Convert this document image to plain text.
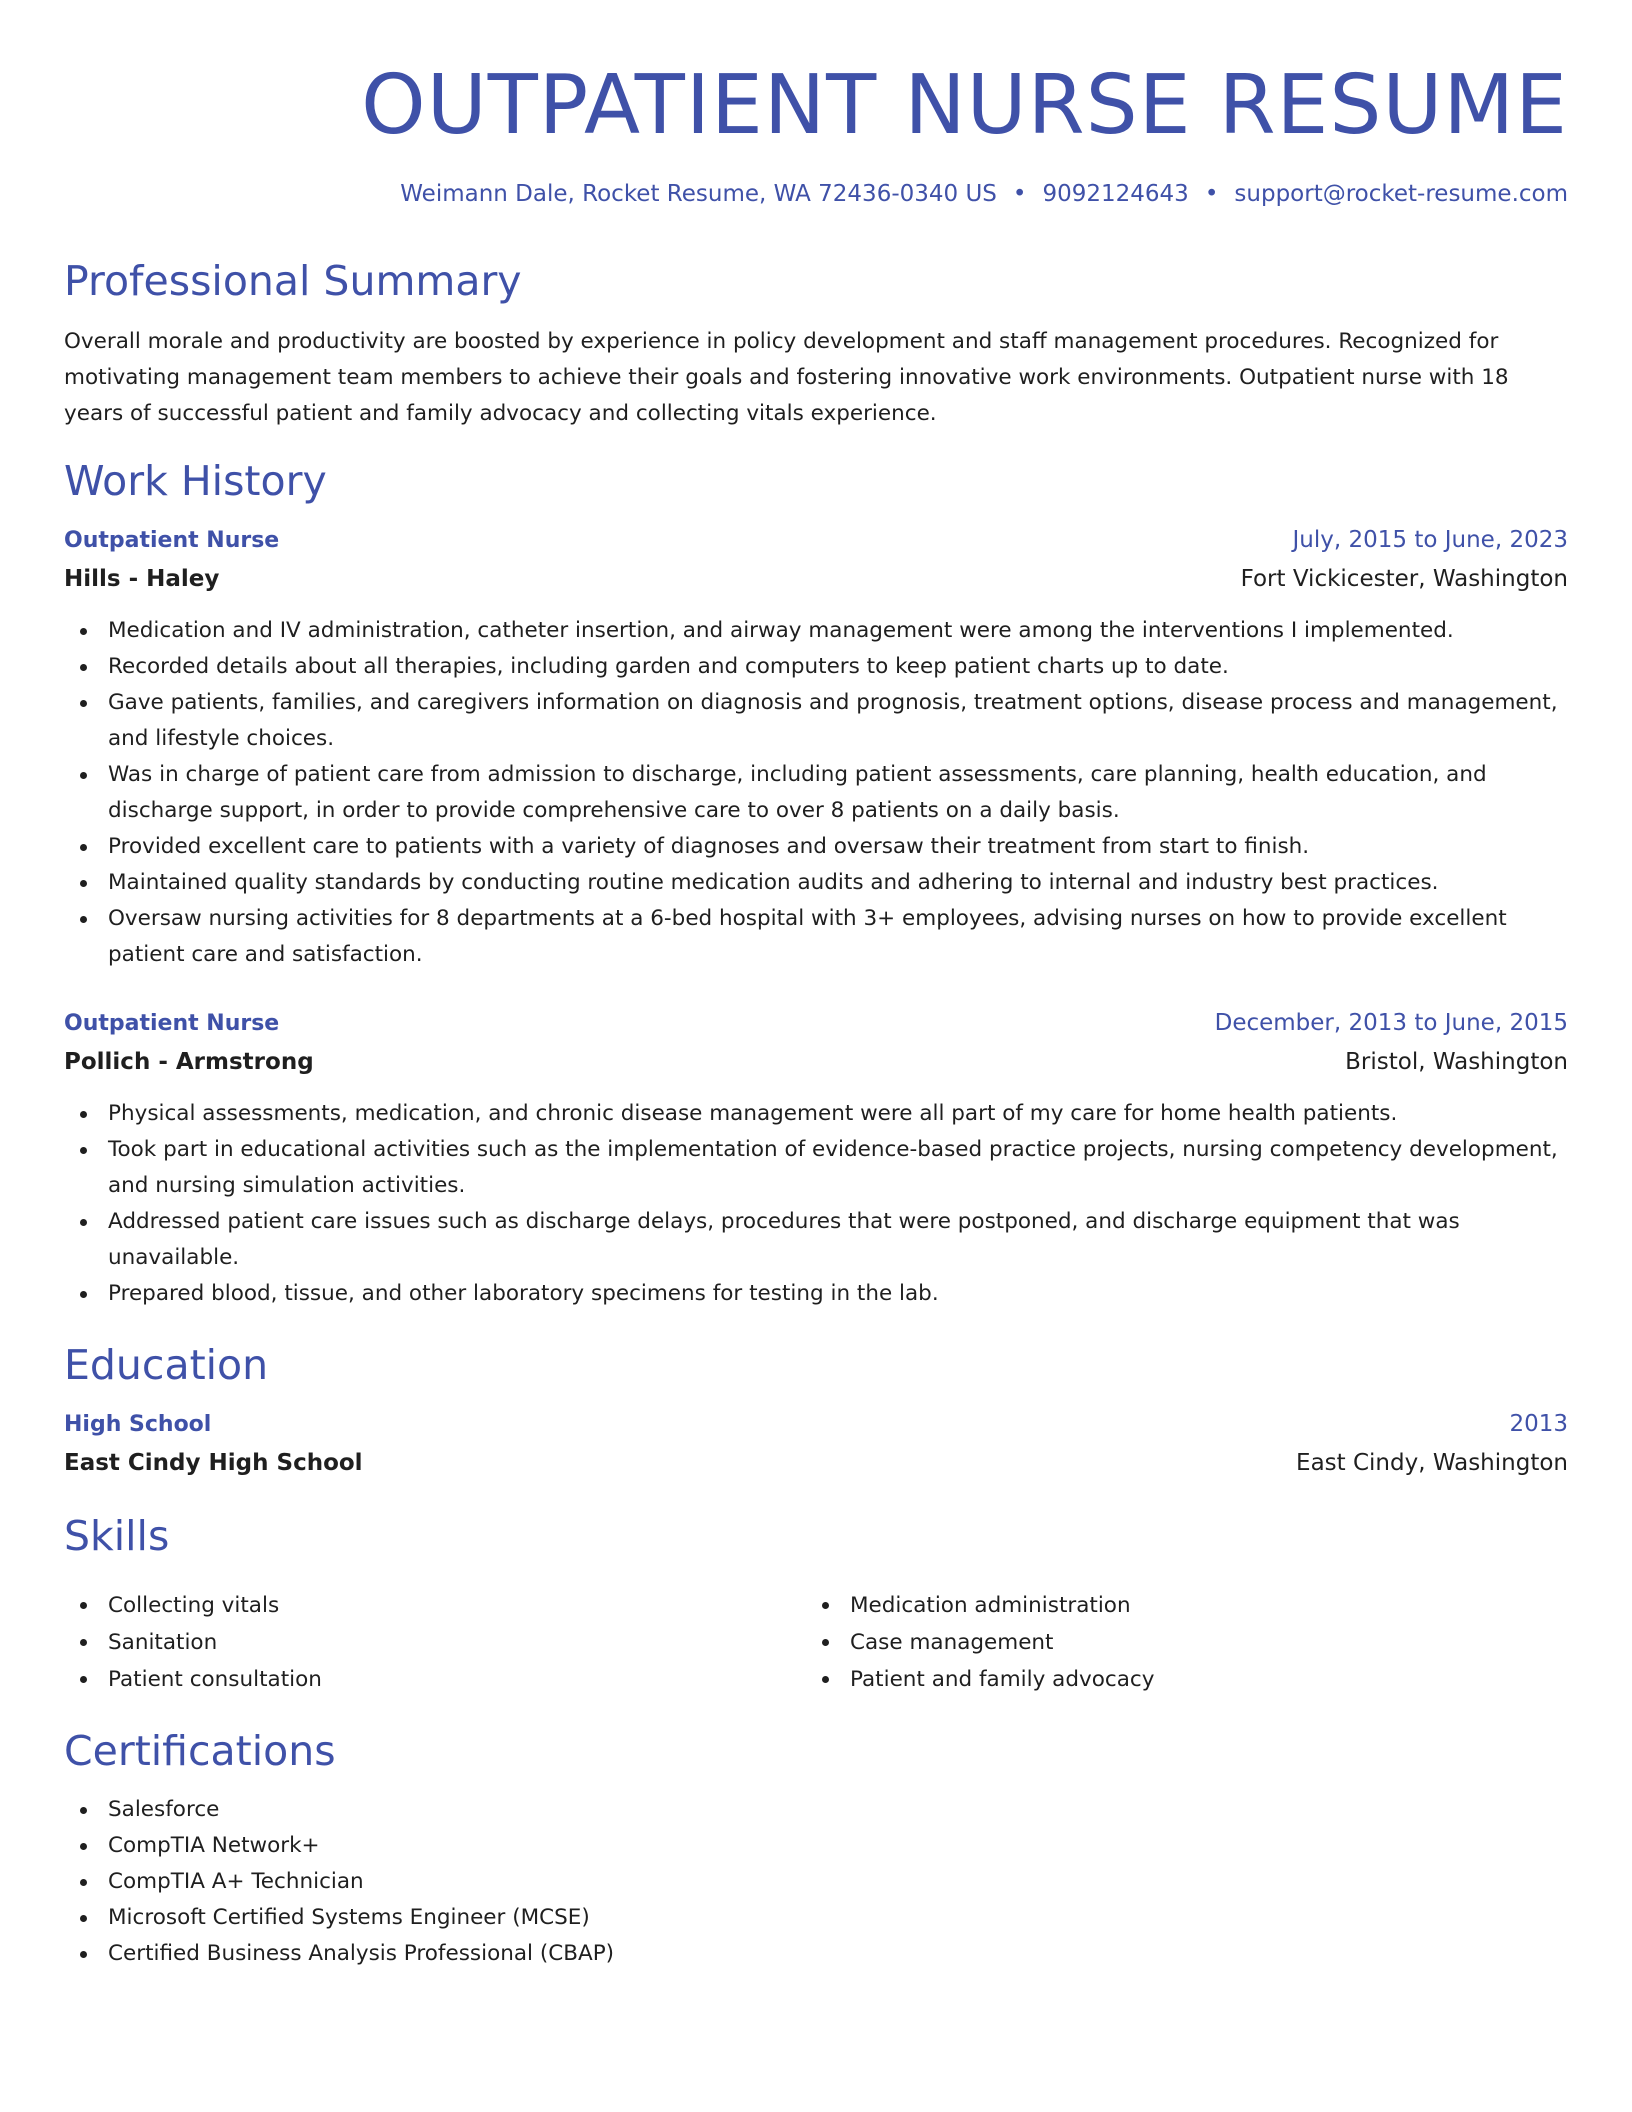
OUTPATIENT NURSE RESUME
Weimann Dale, Rocket Resume, WA 72436-0340 US • 9092124643 • support@rocket-resume.com
Professional Summary

Overall morale and productivity are boosted by experience in policy development and staff management procedures. Recognized for motivating management team members to achieve their goals and fostering innovative work environments. Outpatient nurse with 18 years of successful patient and family advocacy and collecting vitals experience.

Work History
Outpatient Nurse	July, 2015 to June, 2023
Hills - Haley	Fort Vickicester, Washington
Medication and IV administration, catheter insertion, and airway management were among the interventions I implemented.
Recorded details about all therapies, including garden and computers to keep patient charts up to date.
Gave patients, families, and caregivers information on diagnosis and prognosis, treatment options, disease process and management, and lifestyle choices.
Was in charge of patient care from admission to discharge, including patient assessments, care planning, health education, and discharge support, in order to provide comprehensive care to over 8 patients on a daily basis.
Provided excellent care to patients with a variety of diagnoses and oversaw their treatment from start to finish.
Maintained quality standards by conducting routine medication audits and adhering to internal and industry best practices.
Oversaw nursing activities for 8 departments at a 6-bed hospital with 3+ employees, advising nurses on how to provide excellent patient care and satisfaction.
Outpatient Nurse	December, 2013 to June, 2015
Pollich - Armstrong	Bristol, Washington
Physical assessments, medication, and chronic disease management were all part of my care for home health patients.
Took part in educational activities such as the implementation of evidence-based practice projects, nursing competency development, and nursing simulation activities.
Addressed patient care issues such as discharge delays, procedures that were postponed, and discharge equipment that was unavailable.
Prepared blood, tissue, and other laboratory specimens for testing in the lab.
Education
High School	2013
East Cindy High School	East Cindy, Washington
Skills
Collecting vitals
Sanitation
Patient consultation
Medication administration
Case management
Patient and family advocacy
Certifications
Salesforce
CompTIA Network+
CompTIA A+ Technician
Microsoft Certified Systems Engineer (MCSE)
Certified Business Analysis Professional (CBAP)
